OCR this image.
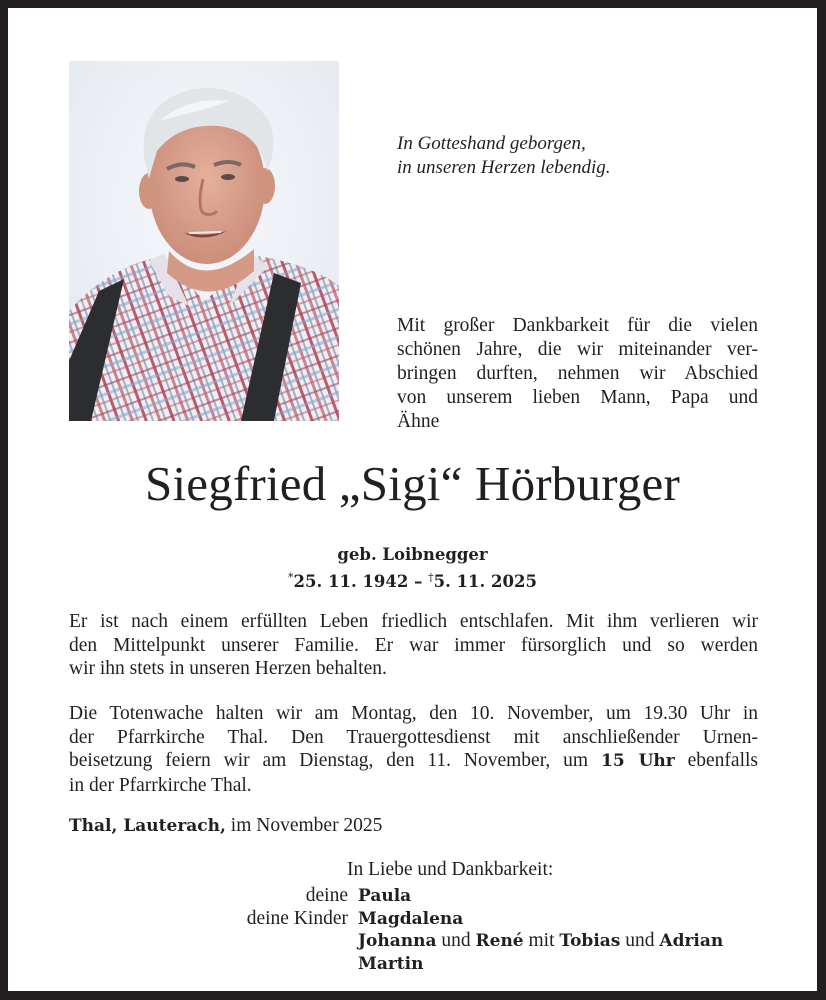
In Gotteshand geborgen,
in unseren Herzen lebendig.
Mit großer Dankbarkeit für die vielen
schönen Jahre, die wir miteinander ver-
bringen durften, nehmen wir Abschied
von unserem lieben Mann, Papa und
Ähne
Siegfried „Sigi“ Hörburger
geb. Loibnegger
*25. 11. 1942 – †5. 11. 2025
Er ist nach einem erfüllten Leben friedlich entschlafen. Mit ihm verlieren wir
den Mittelpunkt unserer Familie. Er war immer fürsorglich und so werden
wir ihn stets in unseren Herzen behalten.
Die Totenwache halten wir am Montag, den 10. November, um 19.30 Uhr in
der Pfarrkirche Thal. Den Trauergottesdienst mit anschließender Urnen-
beisetzung feiern wir am Dienstag, den 11. November, um 15 Uhr ebenfalls
in der Pfarrkirche Thal.
Thal, Lauterach, im November 2025
In Liebe und Dankbarkeit:
deine Paula
deine Kinder Magdalena
Johanna und René mit Tobias und Adrian
Martin
